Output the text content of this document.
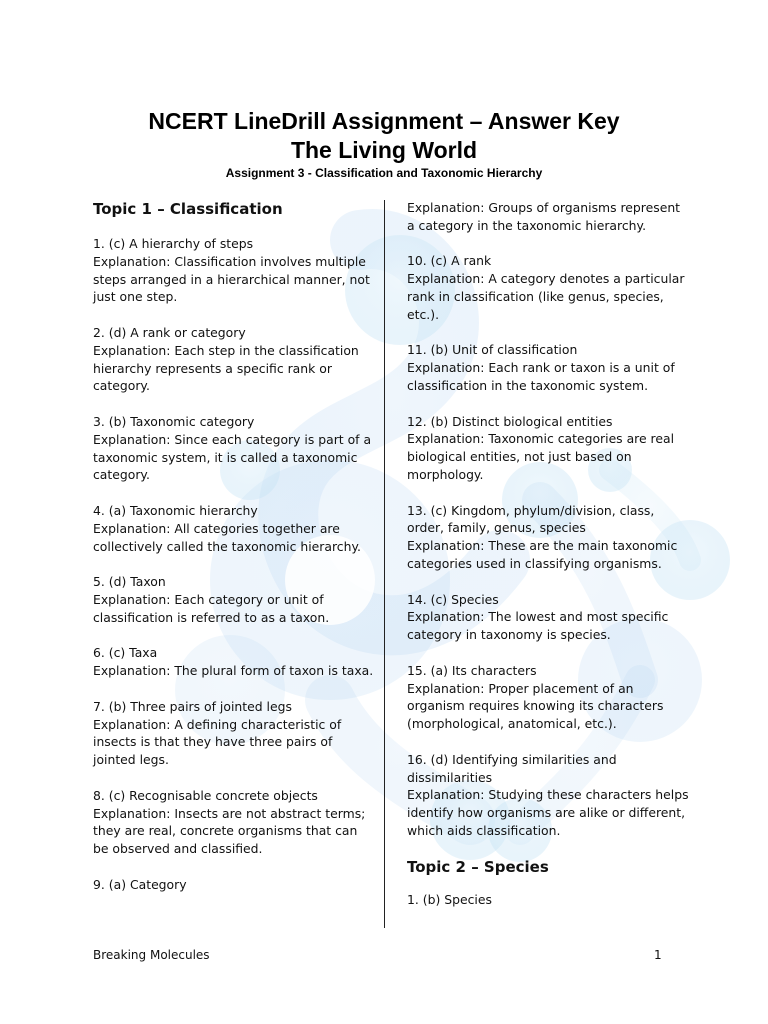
NCERT LineDrill Assignment – Answer Key
The Living World
Assignment 3 - Classification and Taxonomic Hierarchy
Topic 1 – Classification
1. (c) A hierarchy of steps
Explanation: Classification involves multiple steps arranged in a hierarchical manner, not just one step.
2. (d) A rank or category
Explanation: Each step in the classification hierarchy represents a specific rank or category.
3. (b) Taxonomic category
Explanation: Since each category is part of a taxonomic system, it is called a taxonomic category.
4. (a) Taxonomic hierarchy
Explanation: All categories together are collectively called the taxonomic hierarchy.
5. (d) Taxon
Explanation: Each category or unit of classification is referred to as a taxon.
6. (c) Taxa
Explanation: The plural form of taxon is taxa.
7. (b) Three pairs of jointed legs
Explanation: A defining characteristic of insects is that they have three pairs of jointed legs.
8. (c) Recognisable concrete objects
Explanation: Insects are not abstract terms; they are real, concrete organisms that can be observed and classified.
9. (a) Category
Explanation: Groups of organisms represent a category in the taxonomic hierarchy.
10. (c) A rank
Explanation: A category denotes a particular rank in classification (like genus, species, etc.).
11. (b) Unit of classification
Explanation: Each rank or taxon is a unit of classification in the taxonomic system.
12. (b) Distinct biological entities
Explanation: Taxonomic categories are real biological entities, not just based on morphology.
13. (c) Kingdom, phylum/division, class, order, family, genus, species
Explanation: These are the main taxonomic categories used in classifying organisms.
14. (c) Species
Explanation: The lowest and most specific category in taxonomy is species.
15. (a) Its characters
Explanation: Proper placement of an organism requires knowing its characters (morphological, anatomical, etc.).
16. (d) Identifying similarities and dissimilarities
Explanation: Studying these characters helps identify how organisms are alike or different, which aids classification.
Topic 2 – Species
1. (b) Species
Breaking Molecules	1
